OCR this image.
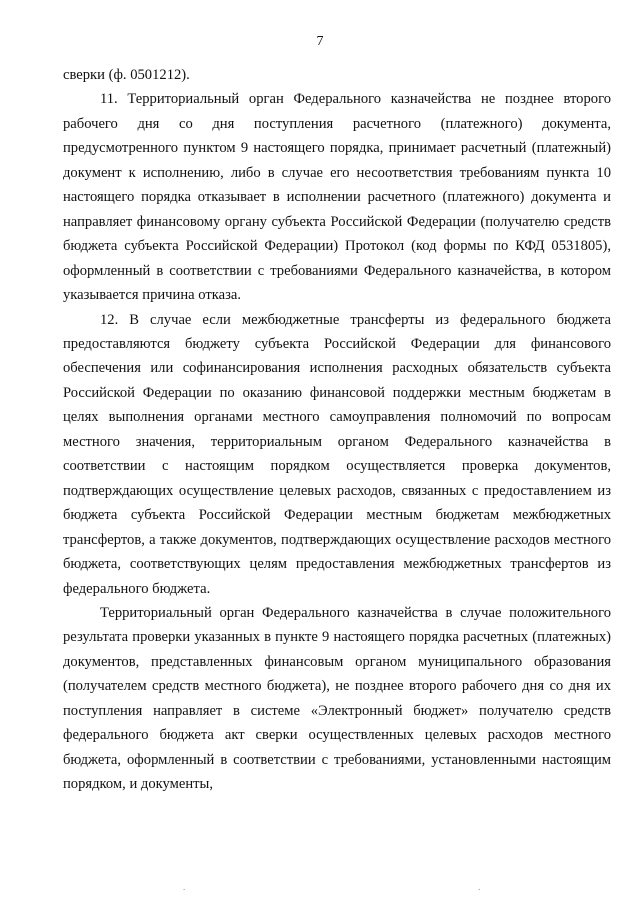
7

сверки (ф. 0501212).

11. Территориальный орган Федерального казначейства не позднее второго рабочего дня со дня поступления расчетного (платежного) документа, предусмотренного пунктом 9 настоящего порядка, принимает расчетный (платежный) документ к исполнению, либо в случае его несоответствия требованиям пункта 10 настоящего порядка отказывает в исполнении расчетного (платежного) документа и направляет финансовому органу субъекта Российской Федерации (получателю средств бюджета субъекта Российской Федерации) Протокол (код формы по КФД 0531805), оформленный в соответствии с требованиями Федерального казначейства, в котором указывается причина отказа.

12. В случае если межбюджетные трансферты из федерального бюджета предоставляются бюджету субъекта Российской Федерации для финансового обеспечения или софинансирования исполнения расходных обязательств субъекта Российской Федерации по оказанию финансовой поддержки местным бюджетам в целях выполнения органами местного самоуправления полномочий по вопросам местного значения, территориальным органом Федерального казначейства в соответствии с настоящим порядком осуществляется проверка документов, подтверждающих осуществление целевых расходов, связанных с предоставлением из бюджета субъекта Российской Федерации местным бюджетам межбюджетных трансфертов, а также документов, подтверждающих осуществление расходов местного бюджета, соответствующих целям предоставления межбюджетных трансфертов из федерального бюджета.

Территориальный орган Федерального казначейства в случае положительного результата проверки указанных в пункте 9 настоящего порядка расчетных (платежных) документов, представленных финансовым органом муниципального образования (получателем средств местного бюджета), не позднее второго рабочего дня со дня их поступления направляет в системе «Электронный бюджет» получателю средств федерального бюджета акт сверки осуществленных целевых расходов местного бюджета, оформленный в соответствии с требованиями, установленными настоящим порядком, и документы,

.	.
